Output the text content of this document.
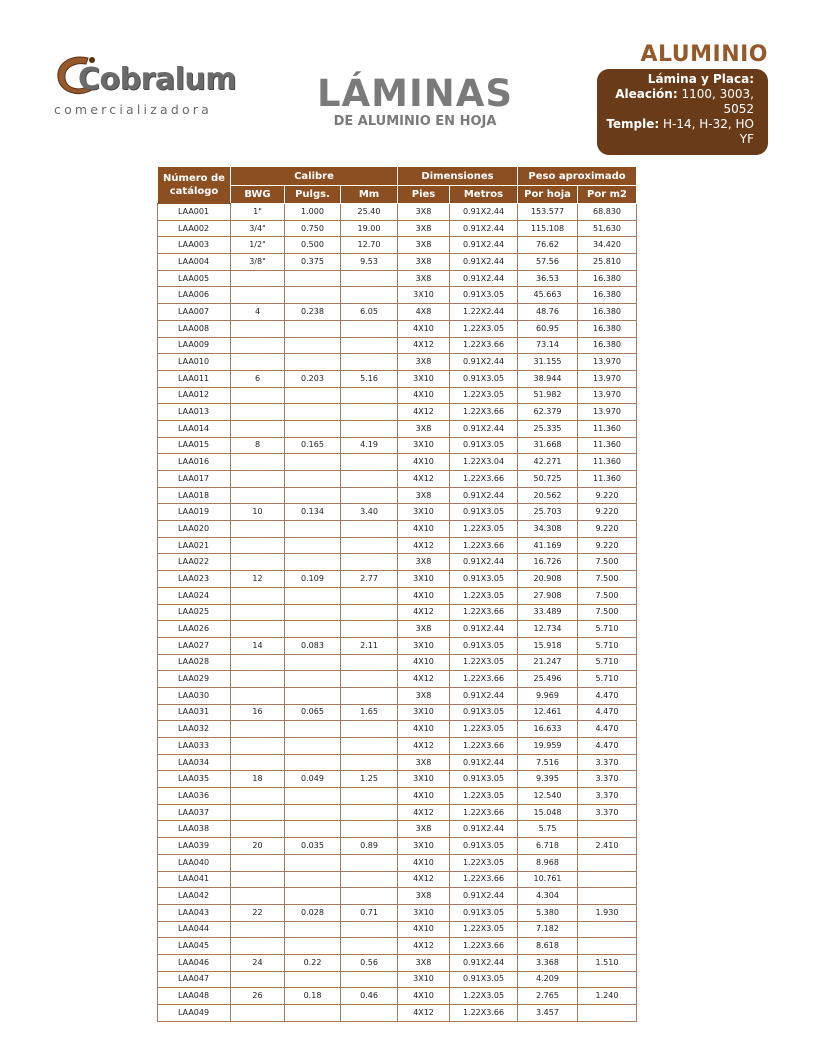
Cobralum
comercializadora	LÁMINAS
DE ALUMINIO EN HOJA
ALUMINIO
Lámina y Placa:
Aleación: 1100, 3003, 5052
Temple: H-14, H-32, HO YF
Número de catálogo	Calibre			Dimensiones		Peso aproximado	
	BWG	Pulgs.	Mm	Pies	Metros	Por hoja	Por m2
LAA001	1"	1.000	25.40	3X8	0.91X2.44	153.577	68.830
LAA002	3/4"	0.750	19.00	3X8	0.91X2.44	115.108	51.630
LAA003	1/2"	0.500	12.70	3X8	0.91X2.44	76.62	34.420
LAA004	3/8"	0.375	9.53	3X8	0.91X2.44	57.56	25.810
LAA005				3X8	0.91X2.44	36.53	16.380
LAA006				3X10	0.91X3.05	45.663	16.380
LAA007	4	0.238	6.05	4X8	1.22X2.44	48.76	16.380
LAA008				4X10	1.22X3.05	60.95	16.380
LAA009				4X12	1.22X3.66	73.14	16.380
LAA010				3X8	0.91X2.44	31.155	13.970
LAA011	6	0.203	5.16	3X10	0.91X3.05	38.944	13.970
LAA012				4X10	1.22X3.05	51.982	13.970
LAA013				4X12	1.22X3.66	62.379	13.970
LAA014				3X8	0.91X2.44	25.335	11.360
LAA015	8	0.165	4.19	3X10	0.91X3.05	31.668	11.360
LAA016				4X10	1.22X3.04	42.271	11.360
LAA017				4X12	1.22X3.66	50.725	11.360
LAA018				3X8	0.91X2.44	20.562	9.220
LAA019	10	0.134	3.40	3X10	0.91X3.05	25.703	9.220
LAA020				4X10	1.22X3.05	34.308	9.220
LAA021				4X12	1.22X3.66	41.169	9.220
LAA022				3X8	0.91X2.44	16.726	7.500
LAA023	12	0.109	2.77	3X10	0.91X3.05	20.908	7.500
LAA024				4X10	1.22X3.05	27.908	7.500
LAA025				4X12	1.22X3.66	33.489	7.500
LAA026				3X8	0.91X2.44	12.734	5.710
LAA027	14	0.083	2.11	3X10	0.91X3.05	15.918	5.710
LAA028				4X10	1.22X3.05	21.247	5.710
LAA029				4X12	1.22X3.66	25.496	5.710
LAA030				3X8	0.91X2.44	9.969	4.470
LAA031	16	0.065	1.65	3X10	0.91X3.05	12.461	4.470
LAA032				4X10	1.22X3.05	16.633	4.470
LAA033				4X12	1.22X3.66	19.959	4.470
LAA034				3X8	0.91X2.44	7.516	3.370
LAA035	18	0.049	1.25	3X10	0.91X3.05	9.395	3.370
LAA036				4X10	1.22X3.05	12.540	3.370
LAA037				4X12	1.22X3.66	15.048	3.370
LAA038				3X8	0.91X2.44	5.75	
LAA039	20	0.035	0.89	3X10	0.91X3.05	6.718	2.410
LAA040				4X10	1.22X3.05	8.968	
LAA041				4X12	1.22X3.66	10.761	
LAA042				3X8	0.91X2.44	4.304	
LAA043	22	0.028	0.71	3X10	0.91X3.05	5.380	1.930
LAA044				4X10	1.22X3.05	7.182	
LAA045				4X12	1.22X3.66	8.618	
LAA046	24	0.22	0.56	3X8	0.91X2.44	3.368	1.510
LAA047				3X10	0.91X3.05	4.209	
LAA048	26	0.18	0.46	4X10	1.22X3.05	2.765	1.240
LAA049				4X12	1.22X3.66	3.457	
